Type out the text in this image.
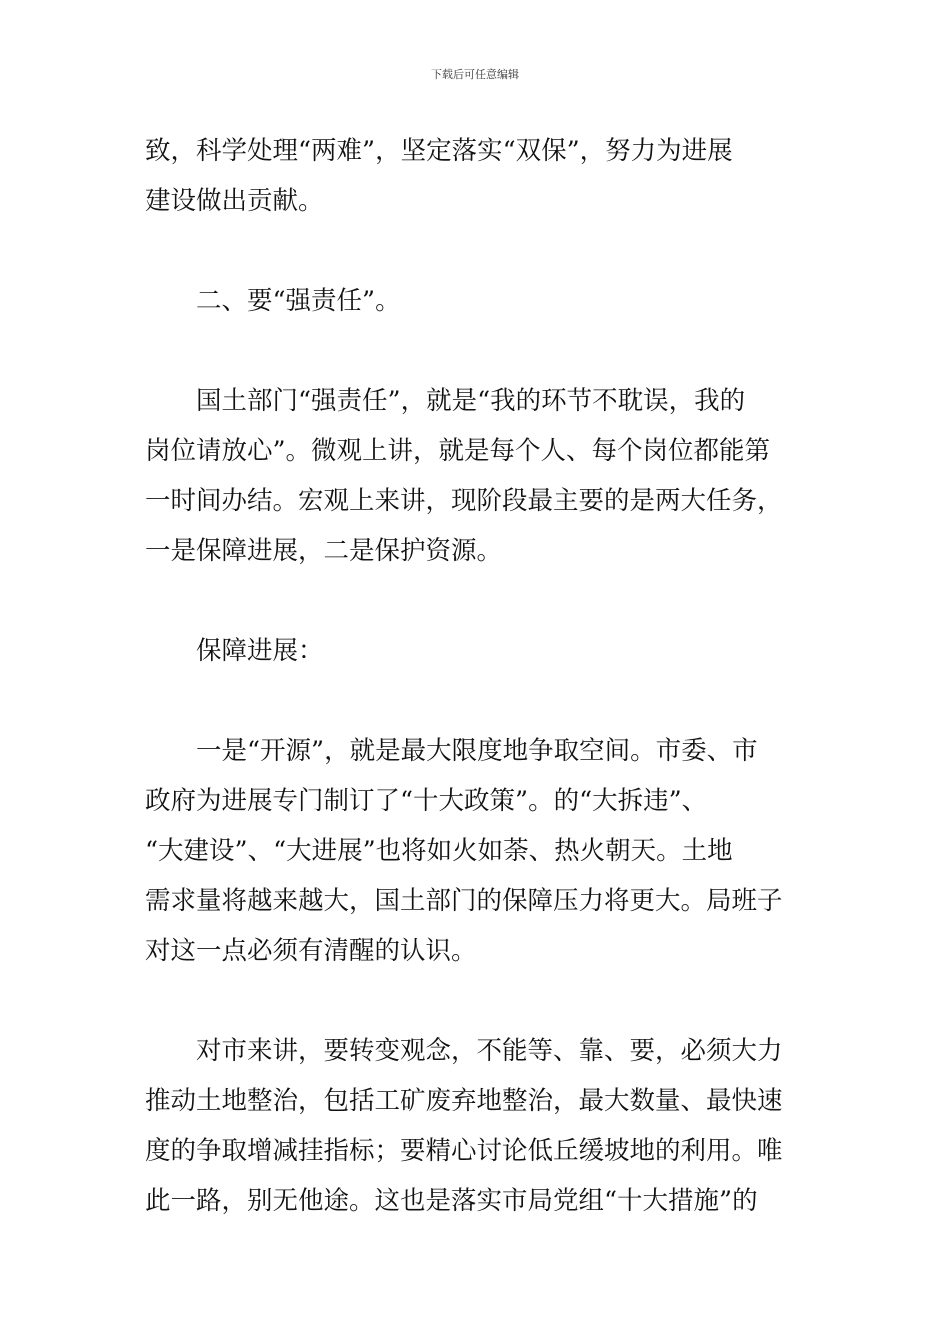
下载后可任意编辑
致，科学处理“两难”，坚定落实“双保”，努力为进展
建设做出贡献。
二、要“强责任”。
国土部门“强责任”，就是“我的环节不耽误，我的
岗位请放心”。微观上讲，就是每个人、每个岗位都能第
一时间办结。宏观上来讲，现阶段最主要的是两大任务，
一是保障进展，二是保护资源。
保障进展：
一是“开源”，就是最大限度地争取空间。市委、市
政府为进展专门制订了“十大政策”。的“大拆违”、
“大建设”、“大进展”也将如火如荼、热火朝天。土地
需求量将越来越大，国土部门的保障压力将更大。局班子
对这一点必须有清醒的认识。
对市来讲，要转变观念，不能等、靠、要，必须大力
推动土地整治，包括工矿废弃地整治，最大数量、最快速
度的争取增减挂指标；要精心讨论低丘缓坡地的利用。唯
此一路，别无他途。这也是落实市局党组“十大措施”的
